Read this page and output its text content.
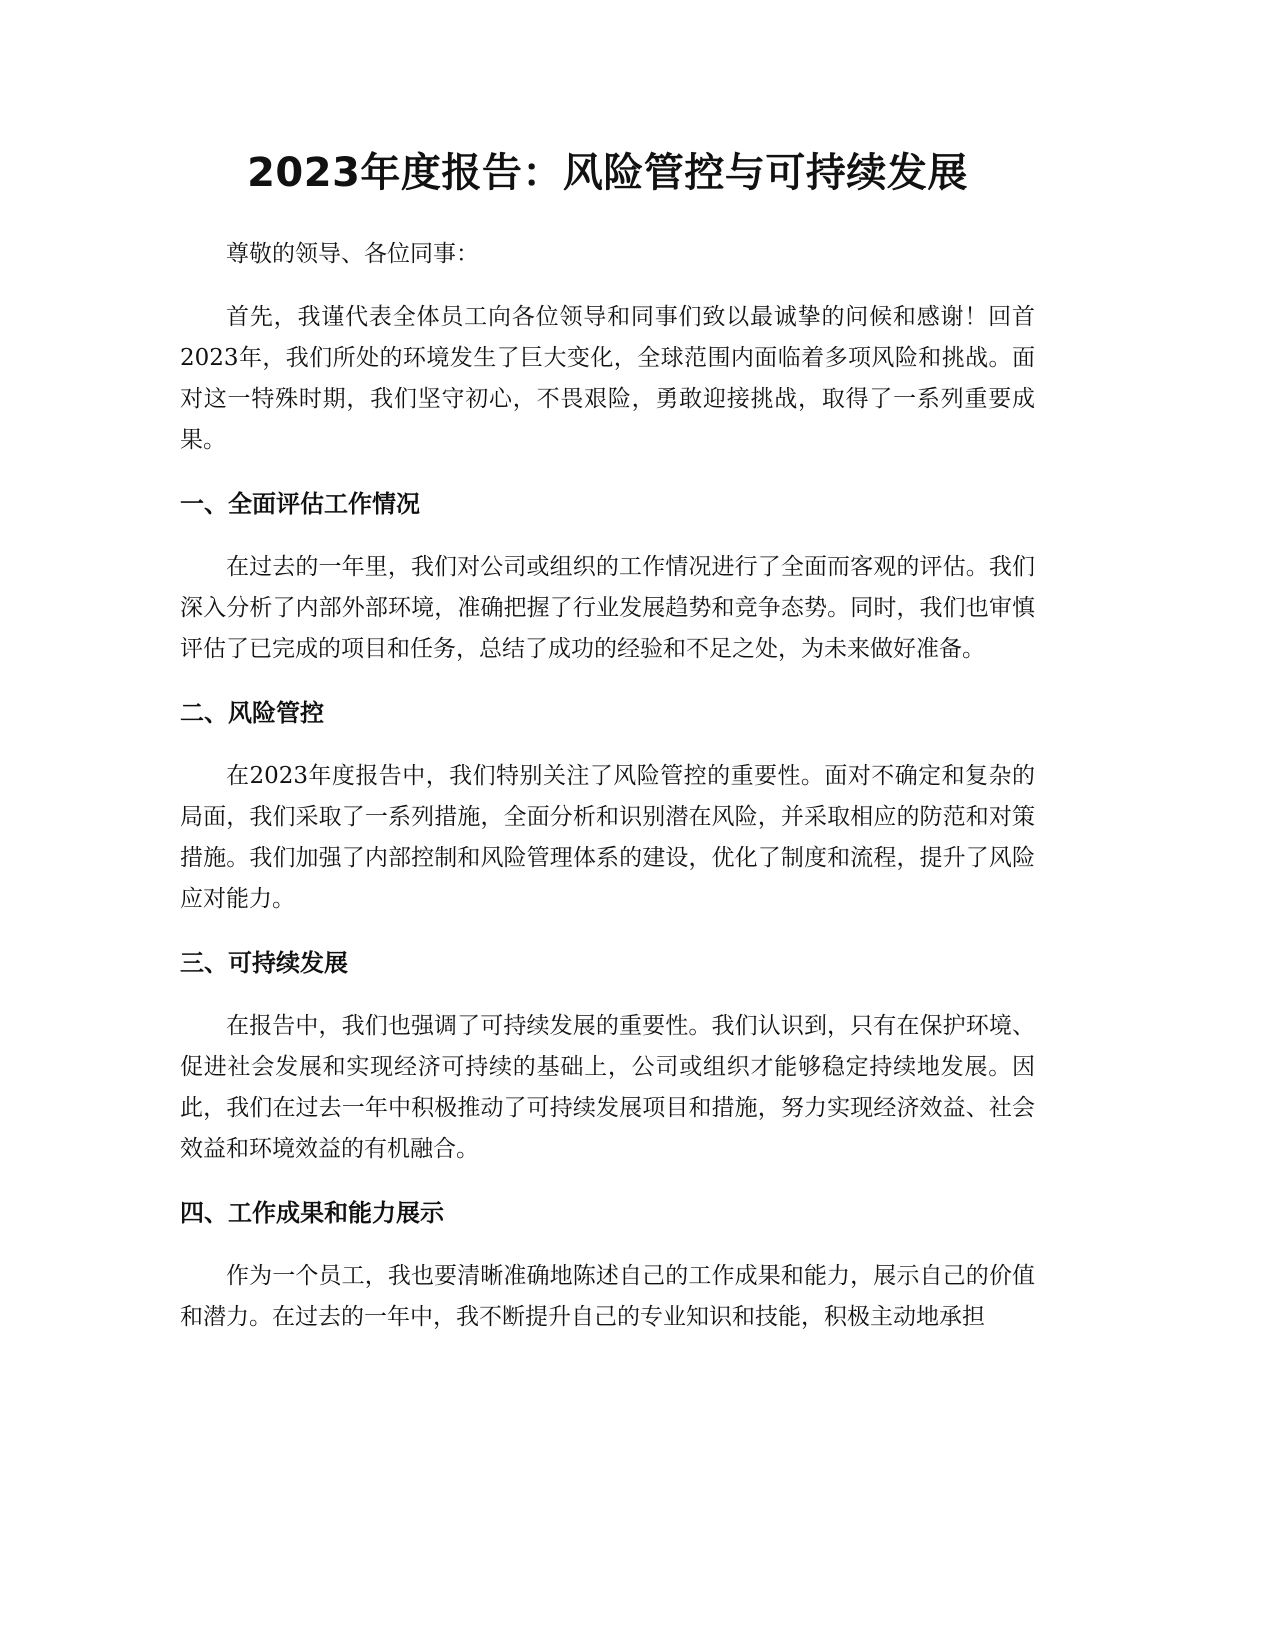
2023年度报告：风险管控与可持续发展

尊敬的领导、各位同事：

首先，我谨代表全体员工向各位领导和同事们致以最诚挚的问候和感谢！回首2023年，我们所处的环境发生了巨大变化，全球范围内面临着多项风险和挑战。面对这一特殊时期，我们坚守初心，不畏艰险，勇敢迎接挑战，取得了一系列重要成果。

一、全面评估工作情况

在过去的一年里，我们对公司或组织的工作情况进行了全面而客观的评估。我们深入分析了内部外部环境，准确把握了行业发展趋势和竞争态势。同时，我们也审慎评估了已完成的项目和任务，总结了成功的经验和不足之处，为未来做好准备。

二、风险管控

在2023年度报告中，我们特别关注了风险管控的重要性。面对不确定和复杂的局面，我们采取了一系列措施，全面分析和识别潜在风险，并采取相应的防范和对策措施。我们加强了内部控制和风险管理体系的建设，优化了制度和流程，提升了风险应对能力。

三、可持续发展

在报告中，我们也强调了可持续发展的重要性。我们认识到，只有在保护环境、促进社会发展和实现经济可持续的基础上，公司或组织才能够稳定持续地发展。因此，我们在过去一年中积极推动了可持续发展项目和措施，努力实现经济效益、社会效益和环境效益的有机融合。

四、工作成果和能力展示

作为一个员工，我也要清晰准确地陈述自己的工作成果和能力，展示自己的价值和潜力。在过去的一年中，我不断提升自己的专业知识和技能，积极主动地承担
